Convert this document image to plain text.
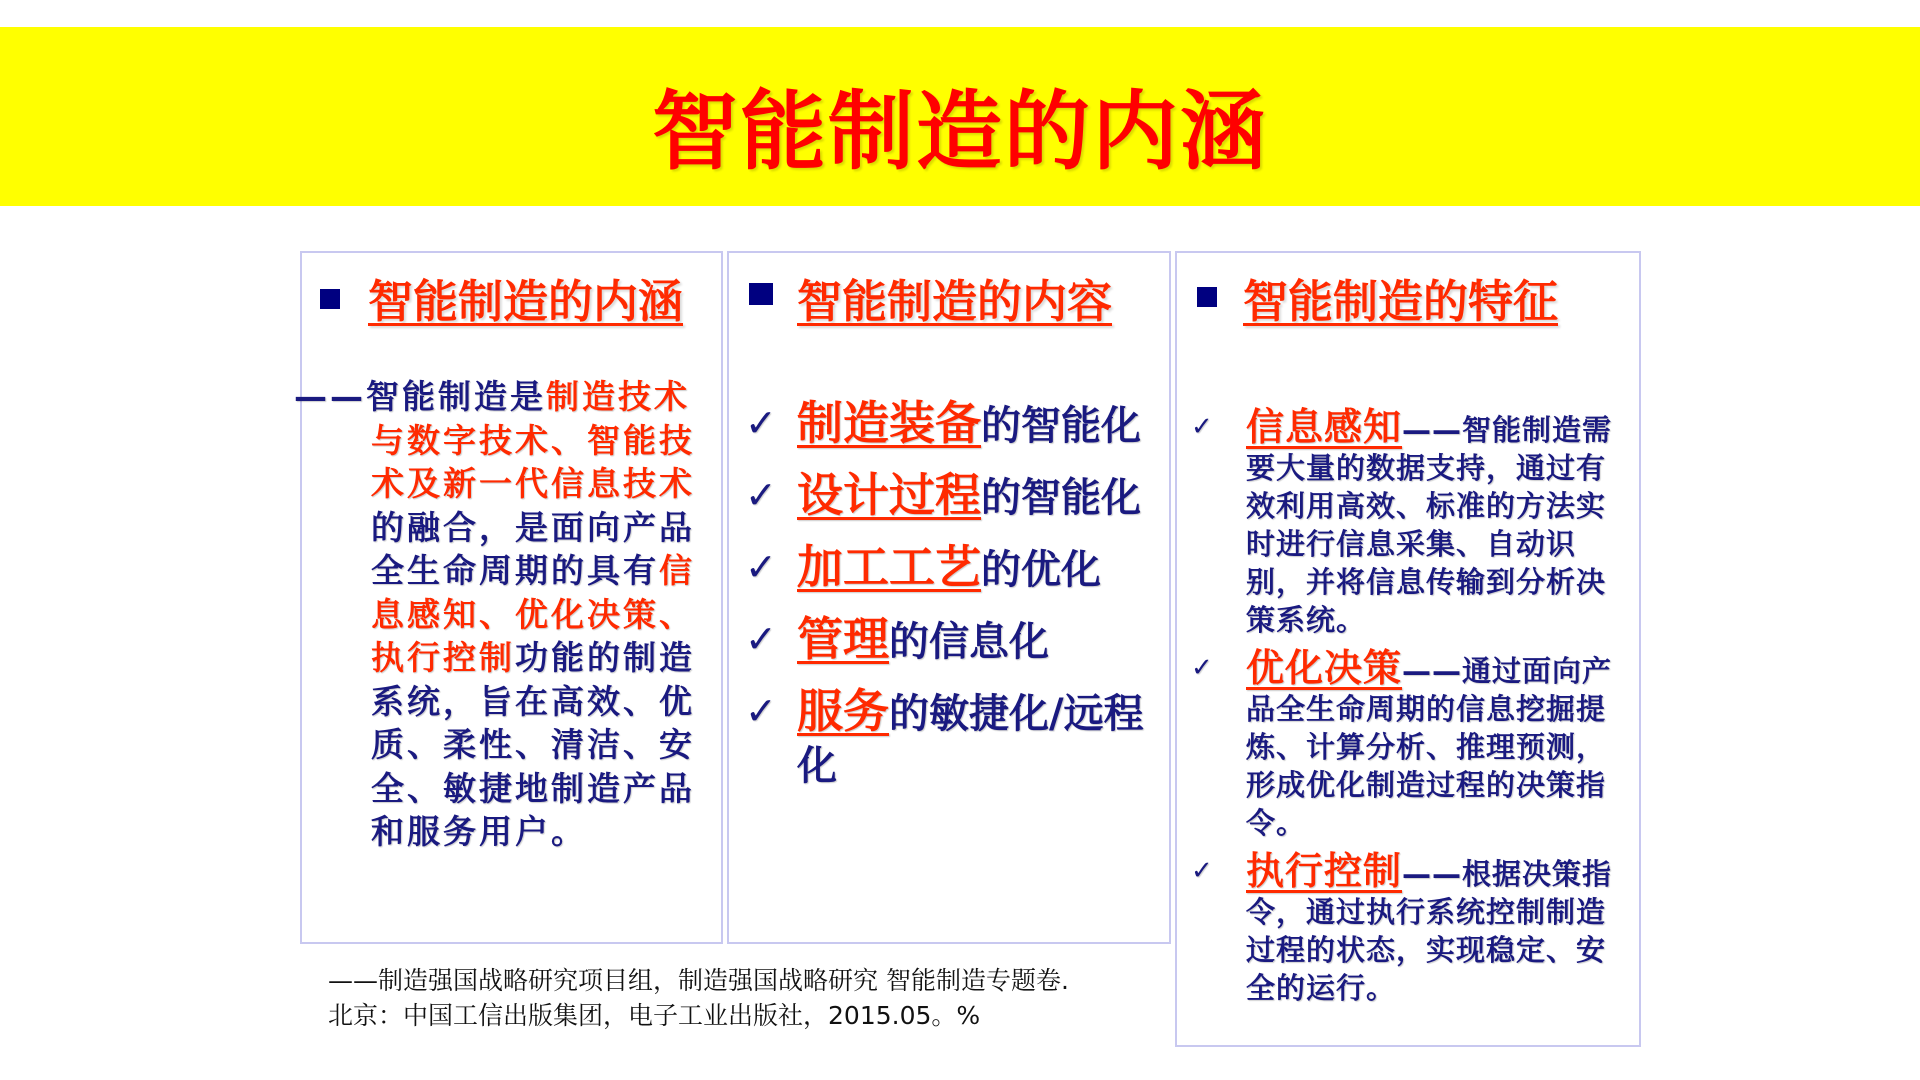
智能制造的内涵
智能制造的内涵
——智能制造是制造技术与数字技术、智能技术及新一代信息技术的融合，是面向产品全生命周期的具有信息感知、优化决策、执行控制功能的制造系统，旨在高效、优质、柔性、清洁、安全、敏捷地制造产品和服务用户。
智能制造的内容
✓ 制造装备的智能化
✓ 设计过程的智能化
✓ 加工工艺的优化
✓ 管理的信息化
✓ 服务的敏捷化/远程化
智能制造的特征
✓ 信息感知——智能制造需要大量的数据支持，通过有效利用高效、标准的方法实时进行信息采集、自动识别，并将信息传输到分析决策系统。
✓ 优化决策——通过面向产品全生命周期的信息挖掘提炼、计算分析、推理预测，形成优化制造过程的决策指令。
✓ 执行控制——根据决策指令，通过执行系统控制制造过程的状态，实现稳定、安全的运行。
——制造强国战略研究项目组，制造强国战略研究 智能制造专题卷.
北京：中国工信出版集团，电子工业出版社，2015.05。%
